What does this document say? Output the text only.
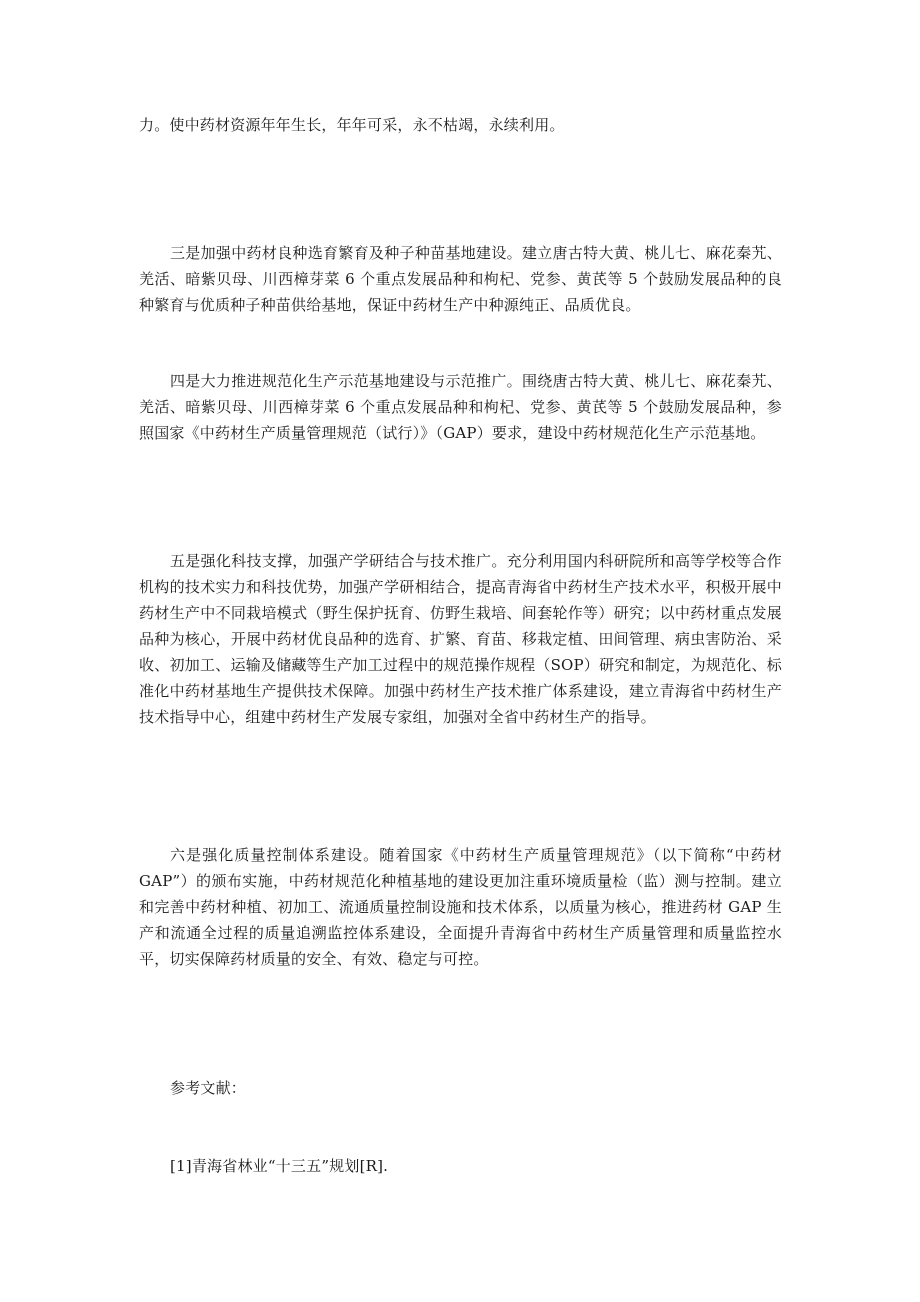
力。使中药材资源年年生长，年年可采，永不枯竭，永续利用。

三是加强中药材良种选育繁育及种子种苗基地建设。建立唐古特大黄、桃儿七、麻花秦艽、羌活、暗紫贝母、川西樟芽菜 6 个重点发展品种和枸杞、党参、黄芪等 5 个鼓励发展品种的良种繁育与优质种子种苗供给基地，保证中药材生产中种源纯正、品质优良。

四是大力推进规范化生产示范基地建设与示范推广。围绕唐古特大黄、桃儿七、麻花秦艽、羌活、暗紫贝母、川西樟芽菜 6 个重点发展品种和枸杞、党参、黄芪等 5 个鼓励发展品种，参照国家《中药材生产质量管理规范（试行）》（GAP）要求，建设中药材规范化生产示范基地。

五是强化科技支撑，加强产学研结合与技术推广。充分利用国内科研院所和高等学校等合作机构的技术实力和科技优势，加强产学研相结合，提高青海省中药材生产技术水平，积极开展中药材生产中不同栽培模式（野生保护抚育、仿野生栽培、间套轮作等）研究；以中药材重点发展品种为核心，开展中药材优良品种的选育、扩繁、育苗、移栽定植、田间管理、病虫害防治、采收、初加工、运输及储藏等生产加工过程中的规范操作规程（SOP）研究和制定，为规范化、标准化中药材基地生产提供技术保障。加强中药材生产技术推广体系建设，建立青海省中药材生产技术指导中心，组建中药材生产发展专家组，加强对全省中药材生产的指导。

六是强化质量控制体系建设。随着国家《中药材生产质量管理规范》（以下简称“中药材 GAP”）的颁布实施，中药材规范化种植基地的建设更加注重环境质量检（监）测与控制。建立和完善中药材种植、初加工、流通质量控制设施和技术体系，以质量为核心，推进药材 GAP 生产和流通全过程的质量追溯监控体系建设，全面提升青海省中药材生产质量管理和质量监控水平，切实保障药材质量的安全、有效、稳定与可控。

参考文献：

[1]青海省林业“十三五”规划[R].
